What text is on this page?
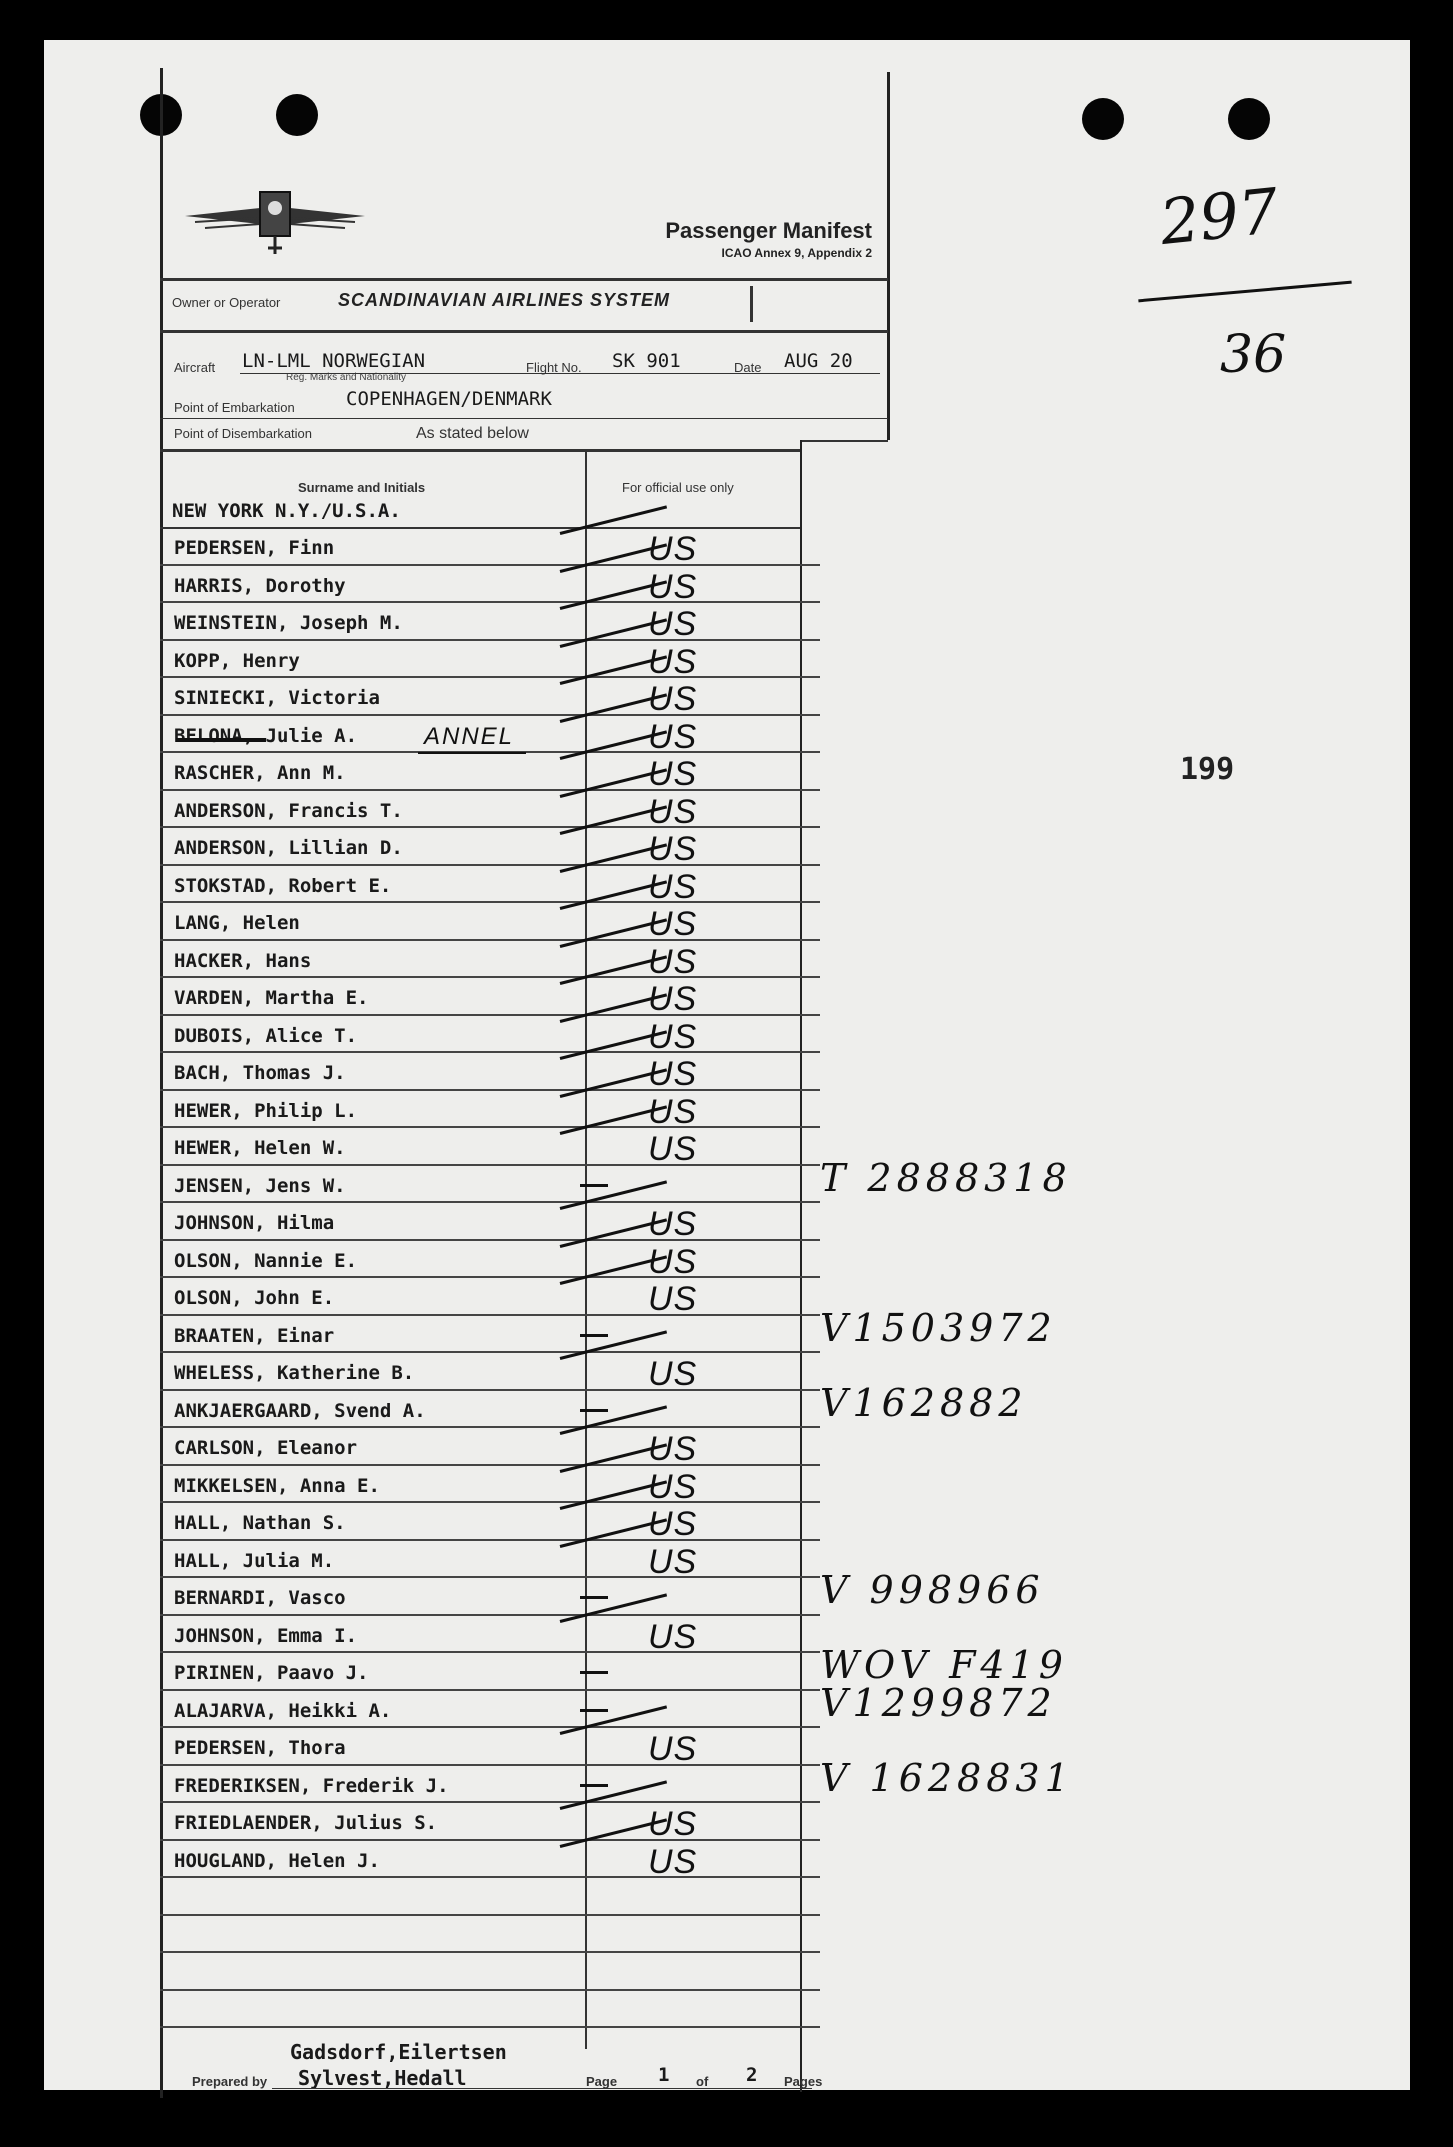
Passenger Manifest
ICAO Annex 9, Appendix 2
Owner or Operator	SCANDINAVIAN AIRLINES SYSTEM
Aircraft LN-LML NORWEGIAN
Reg. Marks and Nationality
Flight No. SK 901	Date AUG 20
Point of Embarkation	COPENHAGEN/DENMARK
Point of Disembarkation	As stated below
Surname and Initials	For official use only
NEW YORK N.Y./U.S.A.
PEDERSEN, Finn	US
HARRIS, Dorothy	US
WEINSTEIN, Joseph M.	US
KOPP, Henry	US
SINIECKI, Victoria	US
BELONA, Julie A.	US
RASCHER, Ann M.	US
ANDERSON, Francis T.	US
ANDERSON, Lillian D.	US
STOKSTAD, Robert E.	US
LANG, Helen	US
HACKER, Hans	US
VARDEN, Martha E.	US
DUBOIS, Alice T.	US
BACH, Thomas J.	US
HEWER, Philip L.	US
HEWER, Helen W.	US
JENSEN, Jens W.	T 2888318
JOHNSON, Hilma	US
OLSON, Nannie E.	US
OLSON, John E.	US
BRAATEN, Einar	V1503972
WHELESS, Katherine B.	US
ANKJAERGAARD, Svend A.	V162882
CARLSON, Eleanor	US
MIKKELSEN, Anna E.	US
HALL, Nathan S.	US
HALL, Julia M.	US
BERNARDI, Vasco	V 998966
JOHNSON, Emma I.	US
PIRINEN, Paavo J.	WOV F419
ALAJARVA, Heikki A.	V1299872
PEDERSEN, Thora	US
FREDERIKSEN, Frederik J.	V 1628831
FRIEDLAENDER, Julius S.	US
HOUGLAND, Helen J.	US
297
36
199
ANNEL
Gadsdorf,Eilertsen
Prepared by Sylvest,Hedall	Page 1 of 2 Pages
